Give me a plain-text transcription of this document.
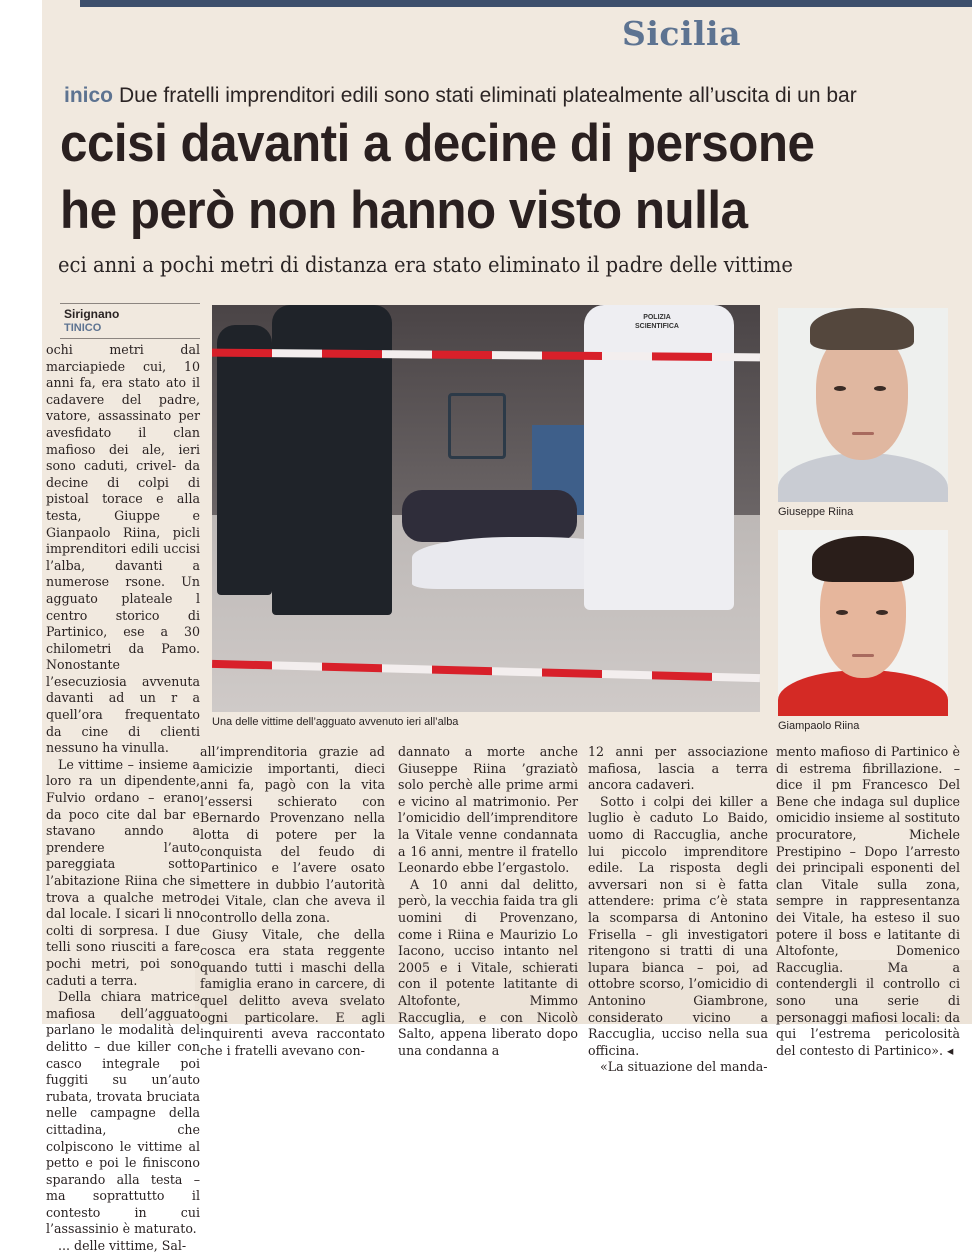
Sicilia
inico Due fratelli imprenditori edili sono stati eliminati platealmente all’uscita di un bar
ccisi davanti a decine di persone
he però non hanno visto nulla
eci anni a pochi metri di distanza era stato eliminato il padre delle vittime
Sirignano
TINICO

ochi metri dal marciapiede cui, 10 anni fa, era stato ato il cadavere del padre, vatore, assassinato per avesfidato il clan mafioso dei ale, ieri sono caduti, crivel- da decine di colpi di pistoal torace e alla testa, Giuppe e Gianpaolo Riina, picli imprenditori edili uccisi l’alba, davanti a numerose rsone. Un agguato plateale l centro storico di Partinico, ese a 30 chilometri da Pamo. Nonostante l’esecuziosia avvenuta davanti ad un r a quell’ora frequentato da cine di clienti nessuno ha vinulla.

Le vittime – insieme a loro ra un dipendente, Fulvio ordano – erano da poco cite dal bar e stavano anndo a prendere l’auto pareggiata sotto l’abitazione Riina che si trova a qualche metro dal locale. I sicari li nno colti di sorpresa. I due telli sono riusciti a fare pochi metri, poi sono caduti a terra.

Della chiara matrice mafiosa dell’agguato parlano le modalità del delitto – due killer con casco integrale poi fuggiti su un’auto rubata, trovata bruciata nelle campagne della cittadina, che colpiscono le vittime al petto e poi le finiscono sparando alla testa – ma soprattutto il contesto in cui l’assassinio è maturato.

... delle vittime, Sal-

POLIZIA SCIENTIFICA
Una delle vittime dell’agguato avvenuto ieri all’alba
Giuseppe Riina
Giampaolo Riina

all’imprenditoria grazie ad amicizie importanti, dieci anni fa, pagò con la vita l’essersi schierato con Bernardo Provenzano nella lotta di potere per la conquista del feudo di Partinico e l’avere osato mettere in dubbio l’autorità dei Vitale, clan che aveva il controllo della zona.

Giusy Vitale, che della cosca era stata reggente quando tutti i maschi della famiglia erano in carcere, di quel delitto aveva svelato ogni particolare. E agli inquirenti aveva raccontato che i fratelli avevano con-

dannato a morte anche Giuseppe Riina ’graziatò solo perchè alle prime armi e vicino al matrimonio. Per l’omicidio dell’imprenditore la Vitale venne condannata a 16 anni, mentre il fratello Leonardo ebbe l’ergastolo.

A 10 anni dal delitto, però, la vecchia faida tra gli uomini di Provenzano, come i Riina e Maurizio Lo Iacono, ucciso intanto nel 2005 e i Vitale, schierati con il potente latitante di Altofonte, Mimmo Raccuglia, e con Nicolò Salto, appena liberato dopo una condanna a

12 anni per associazione mafiosa, lascia a terra ancora cadaveri.

Sotto i colpi dei killer a luglio è caduto Lo Baido, uomo di Raccuglia, anche lui piccolo imprenditore edile. La risposta degli avversari non si è fatta attendere: prima c’è stata la scomparsa di Antonino Frisella – gli investigatori ritengono si tratti di una lupara bianca – poi, ad ottobre scorso, l’omicidio di Antonino Giambrone, considerato vicino a Raccuglia, ucciso nella sua officina.

«La situazione del manda-

mento mafioso di Partinico è di estrema fibrillazione. – dice il pm Francesco Del Bene che indaga sul duplice omicidio insieme al sostituto procuratore, Michele Prestipino – Dopo l’arresto dei principali esponenti del clan Vitale sulla zona, sempre in rappresentanza dei Vitale, ha esteso il suo potere il boss e latitante di Altofonte, Domenico Raccuglia. Ma a contendergli il controllo ci sono una serie di personaggi mafiosi locali: da qui l’estrema pericolosità del contesto di Partinico». ◂
